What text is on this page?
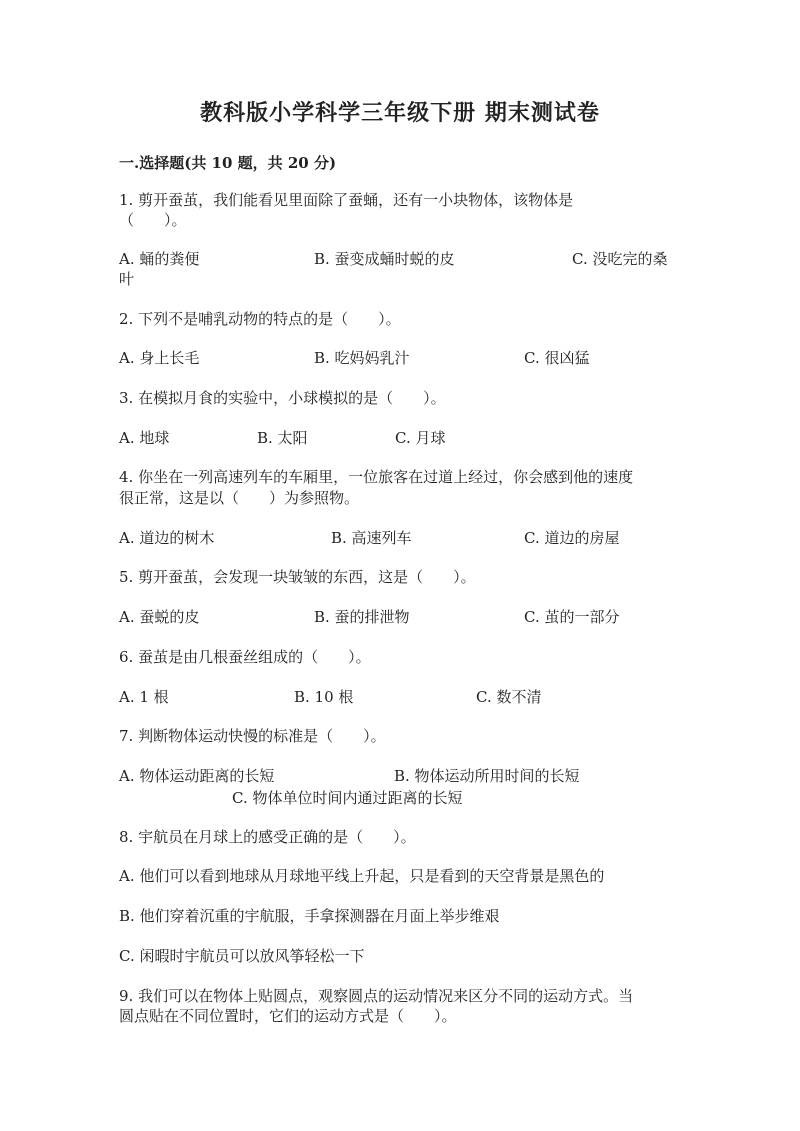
教科版小学科学三年级下册 期末测试卷
一.选择题(共 10 题，共 20 分)
1. 剪开蚕茧，我们能看见里面除了蚕蛹，还有一小块物体，该物体是
（　　）。
A. 蛹的粪便	B. 蚕变成蛹时蜕的皮	C. 没吃完的桑
叶
2. 下列不是哺乳动物的特点的是（　　）。
A. 身上长毛	B. 吃妈妈乳汁	C. 很凶猛
3. 在模拟月食的实验中，小球模拟的是（　　）。
A. 地球	B. 太阳	C. 月球
4. 你坐在一列高速列车的车厢里，一位旅客在过道上经过，你会感到他的速度
很正常，这是以（　　）为参照物。
A. 道边的树木	B. 高速列车	C. 道边的房屋
5. 剪开蚕茧，会发现一块皱皱的东西，这是（　　）。
A. 蚕蜕的皮	B. 蚕的排泄物	C. 茧的一部分
6. 蚕茧是由几根蚕丝组成的（　　）。
A. 1 根	B. 10 根	C. 数不清
7. 判断物体运动快慢的标准是（　　）。
A. 物体运动距离的长短	B. 物体运动所用时间的长短
C. 物体单位时间内通过距离的长短
8. 宇航员在月球上的感受正确的是（　　）。
A. 他们可以看到地球从月球地平线上升起，只是看到的天空背景是黑色的
B. 他们穿着沉重的宇航服，手拿探测器在月面上举步维艰
C. 闲暇时宇航员可以放风筝轻松一下
9. 我们可以在物体上贴圆点，观察圆点的运动情况来区分不同的运动方式。当
圆点贴在不同位置时，它们的运动方式是（　　）。
